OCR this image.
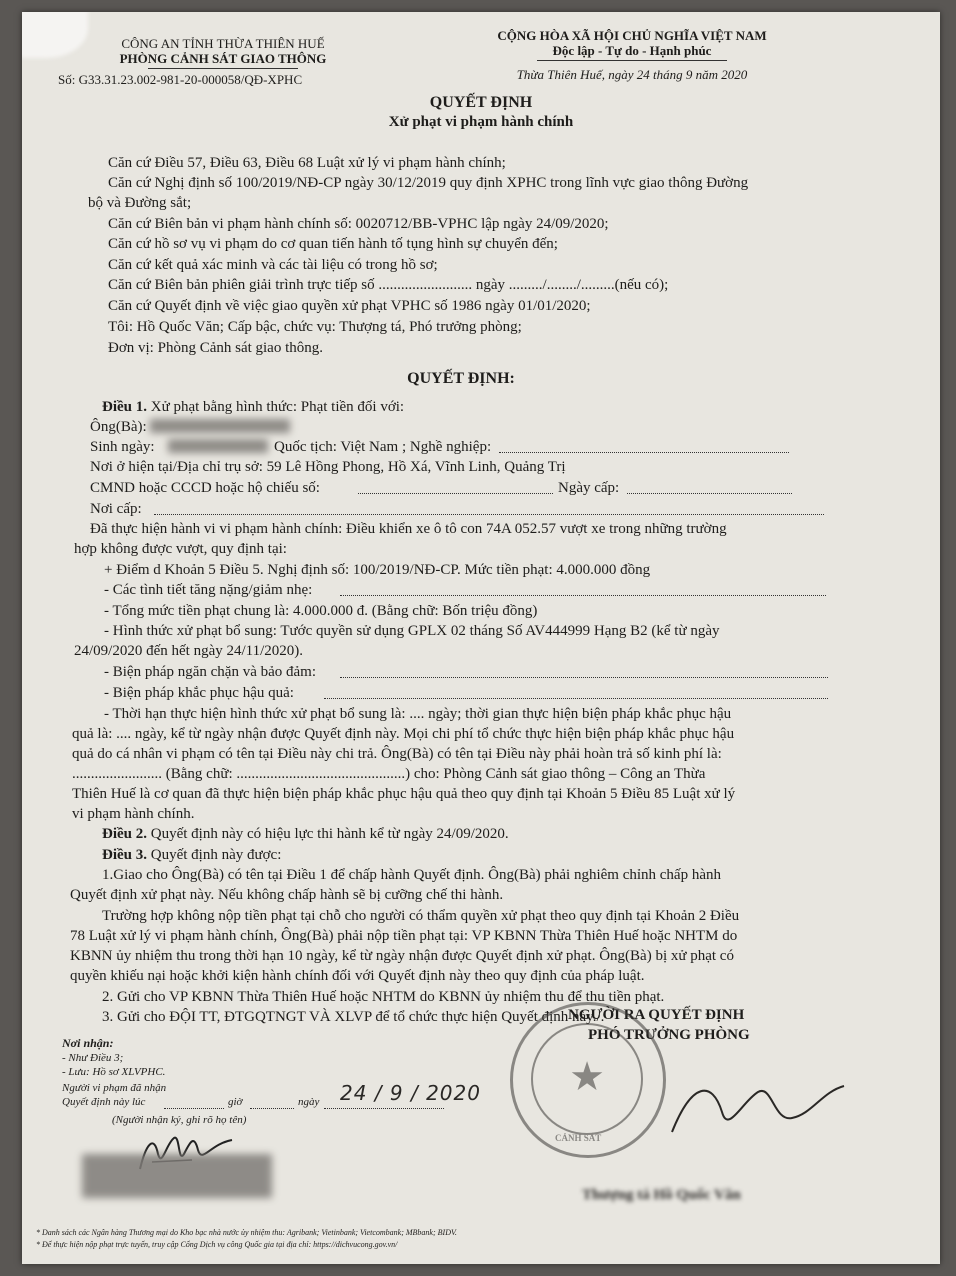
CÔNG AN TỈNH THỪA THIÊN HUẾ
PHÒNG CẢNH SÁT GIAO THÔNG
Số: G33.31.23.002-981-20-000058/QĐ-XPHC
CỘNG HÒA XÃ HỘI CHỦ NGHĨA VIỆT NAM
Độc lập - Tự do - Hạnh phúc
Thừa Thiên Huế, ngày 24 tháng 9 năm 2020
QUYẾT ĐỊNH
Xử phạt vi phạm hành chính
Căn cứ Điều 57, Điều 63, Điều 68 Luật xử lý vi phạm hành chính;
Căn cứ Nghị định số 100/2019/NĐ-CP ngày 30/12/2019 quy định XPHC trong lĩnh vực giao thông Đường
bộ và Đường sắt;
Căn cứ Biên bản vi phạm hành chính số: 0020712/BB-VPHC lập ngày 24/09/2020;
Căn cứ hồ sơ vụ vi phạm do cơ quan tiến hành tố tụng hình sự chuyển đến;
Căn cứ kết quả xác minh và các tài liệu có trong hồ sơ;
Căn cứ Biên bản phiên giải trình trực tiếp số ......................... ngày ........./......../.........(nếu có);
Căn cứ Quyết định về việc giao quyền xử phạt VPHC số 1986 ngày 01/01/2020;
Tôi: Hồ Quốc Văn; Cấp bậc, chức vụ: Thượng tá, Phó trưởng phòng;
Đơn vị: Phòng Cảnh sát giao thông.
QUYẾT ĐỊNH:
Điều 1. Xử phạt bằng hình thức: Phạt tiền đối với:
Ông(Bà):
Sinh ngày:	Quốc tịch: Việt Nam ; Nghề nghiệp:
Nơi ở hiện tại/Địa chỉ trụ sở: 59 Lê Hồng Phong, Hồ Xá, Vĩnh Linh, Quảng Trị
CMND hoặc CCCD hoặc hộ chiếu số:	Ngày cấp:
Nơi cấp:
Đã thực hiện hành vi vi phạm hành chính: Điều khiển xe ô tô con 74A 052.57 vượt xe trong những trường
hợp không được vượt, quy định tại:
+ Điểm d Khoản 5 Điều 5. Nghị định số: 100/2019/NĐ-CP. Mức tiền phạt: 4.000.000 đồng
- Các tình tiết tăng nặng/giảm nhẹ:
- Tổng mức tiền phạt chung là: 4.000.000 đ. (Bằng chữ: Bốn triệu đồng)
- Hình thức xử phạt bổ sung: Tước quyền sử dụng GPLX 02 tháng Số AV444999 Hạng B2 (kể từ ngày
24/09/2020 đến hết ngày 24/11/2020).
- Biện pháp ngăn chặn và bảo đảm:
- Biện pháp khắc phục hậu quả:
- Thời hạn thực hiện hình thức xử phạt bổ sung là: .... ngày; thời gian thực hiện biện pháp khắc phục hậu
quả là: .... ngày, kể từ ngày nhận được Quyết định này. Mọi chi phí tổ chức thực hiện biện pháp khắc phục hậu
quả do cá nhân vi phạm có tên tại Điều này chi trả. Ông(Bà) có tên tại Điều này phải hoàn trả số kinh phí là:
........................ (Bằng chữ: .............................................) cho: Phòng Cảnh sát giao thông – Công an Thừa
Thiên Huế là cơ quan đã thực hiện biện pháp khắc phục hậu quả theo quy định tại Khoản 5 Điều 85 Luật xử lý
vi phạm hành chính.
Điều 2. Quyết định này có hiệu lực thi hành kể từ ngày 24/09/2020.
Điều 3. Quyết định này được:
1.Giao cho Ông(Bà) có tên tại Điều 1 để chấp hành Quyết định. Ông(Bà) phải nghiêm chỉnh chấp hành
Quyết định xử phạt này. Nếu không chấp hành sẽ bị cưỡng chế thi hành.
Trường hợp không nộp tiền phạt tại chỗ cho người có thẩm quyền xử phạt theo quy định tại Khoản 2 Điều
78 Luật xử lý vi phạm hành chính, Ông(Bà) phải nộp tiền phạt tại: VP KBNN Thừa Thiên Huế hoặc NHTM do
KBNN ủy nhiệm thu trong thời hạn 10 ngày, kể từ ngày nhận được Quyết định xử phạt. Ông(Bà) bị xử phạt có
quyền khiếu nại hoặc khởi kiện hành chính đối với Quyết định này theo quy định của pháp luật.
2. Gửi cho VP KBNN Thừa Thiên Huế hoặc NHTM do KBNN ủy nhiệm thu để thu tiền phạt.
3. Gửi cho ĐỘI TT, ĐTGQTNGT VÀ XLVP để tổ chức thực hiện Quyết định này./.
Nơi nhận:
- Như Điều 3;
- Lưu: Hồ sơ XLVPHC.
Người vi phạm đã nhận
Quyết định này lúc	giờ	ngày 24 / 9 / 2020
(Người nhận ký, ghi rõ họ tên)
NGƯỜI RA QUYẾT ĐỊNH
PHÓ TRƯỞNG PHÒNG
★
CẢNH SÁT
Thượng tá Hồ Quốc Văn
* Danh sách các Ngân hàng Thương mại do Kho bạc nhà nước ủy nhiệm thu: Agribank; Vietinbank; Vietcombank; MBbank; BIDV.
* Để thực hiện nộp phạt trực tuyến, truy cập Cổng Dịch vụ công Quốc gia tại địa chỉ: https://dichvucong.gov.vn/
